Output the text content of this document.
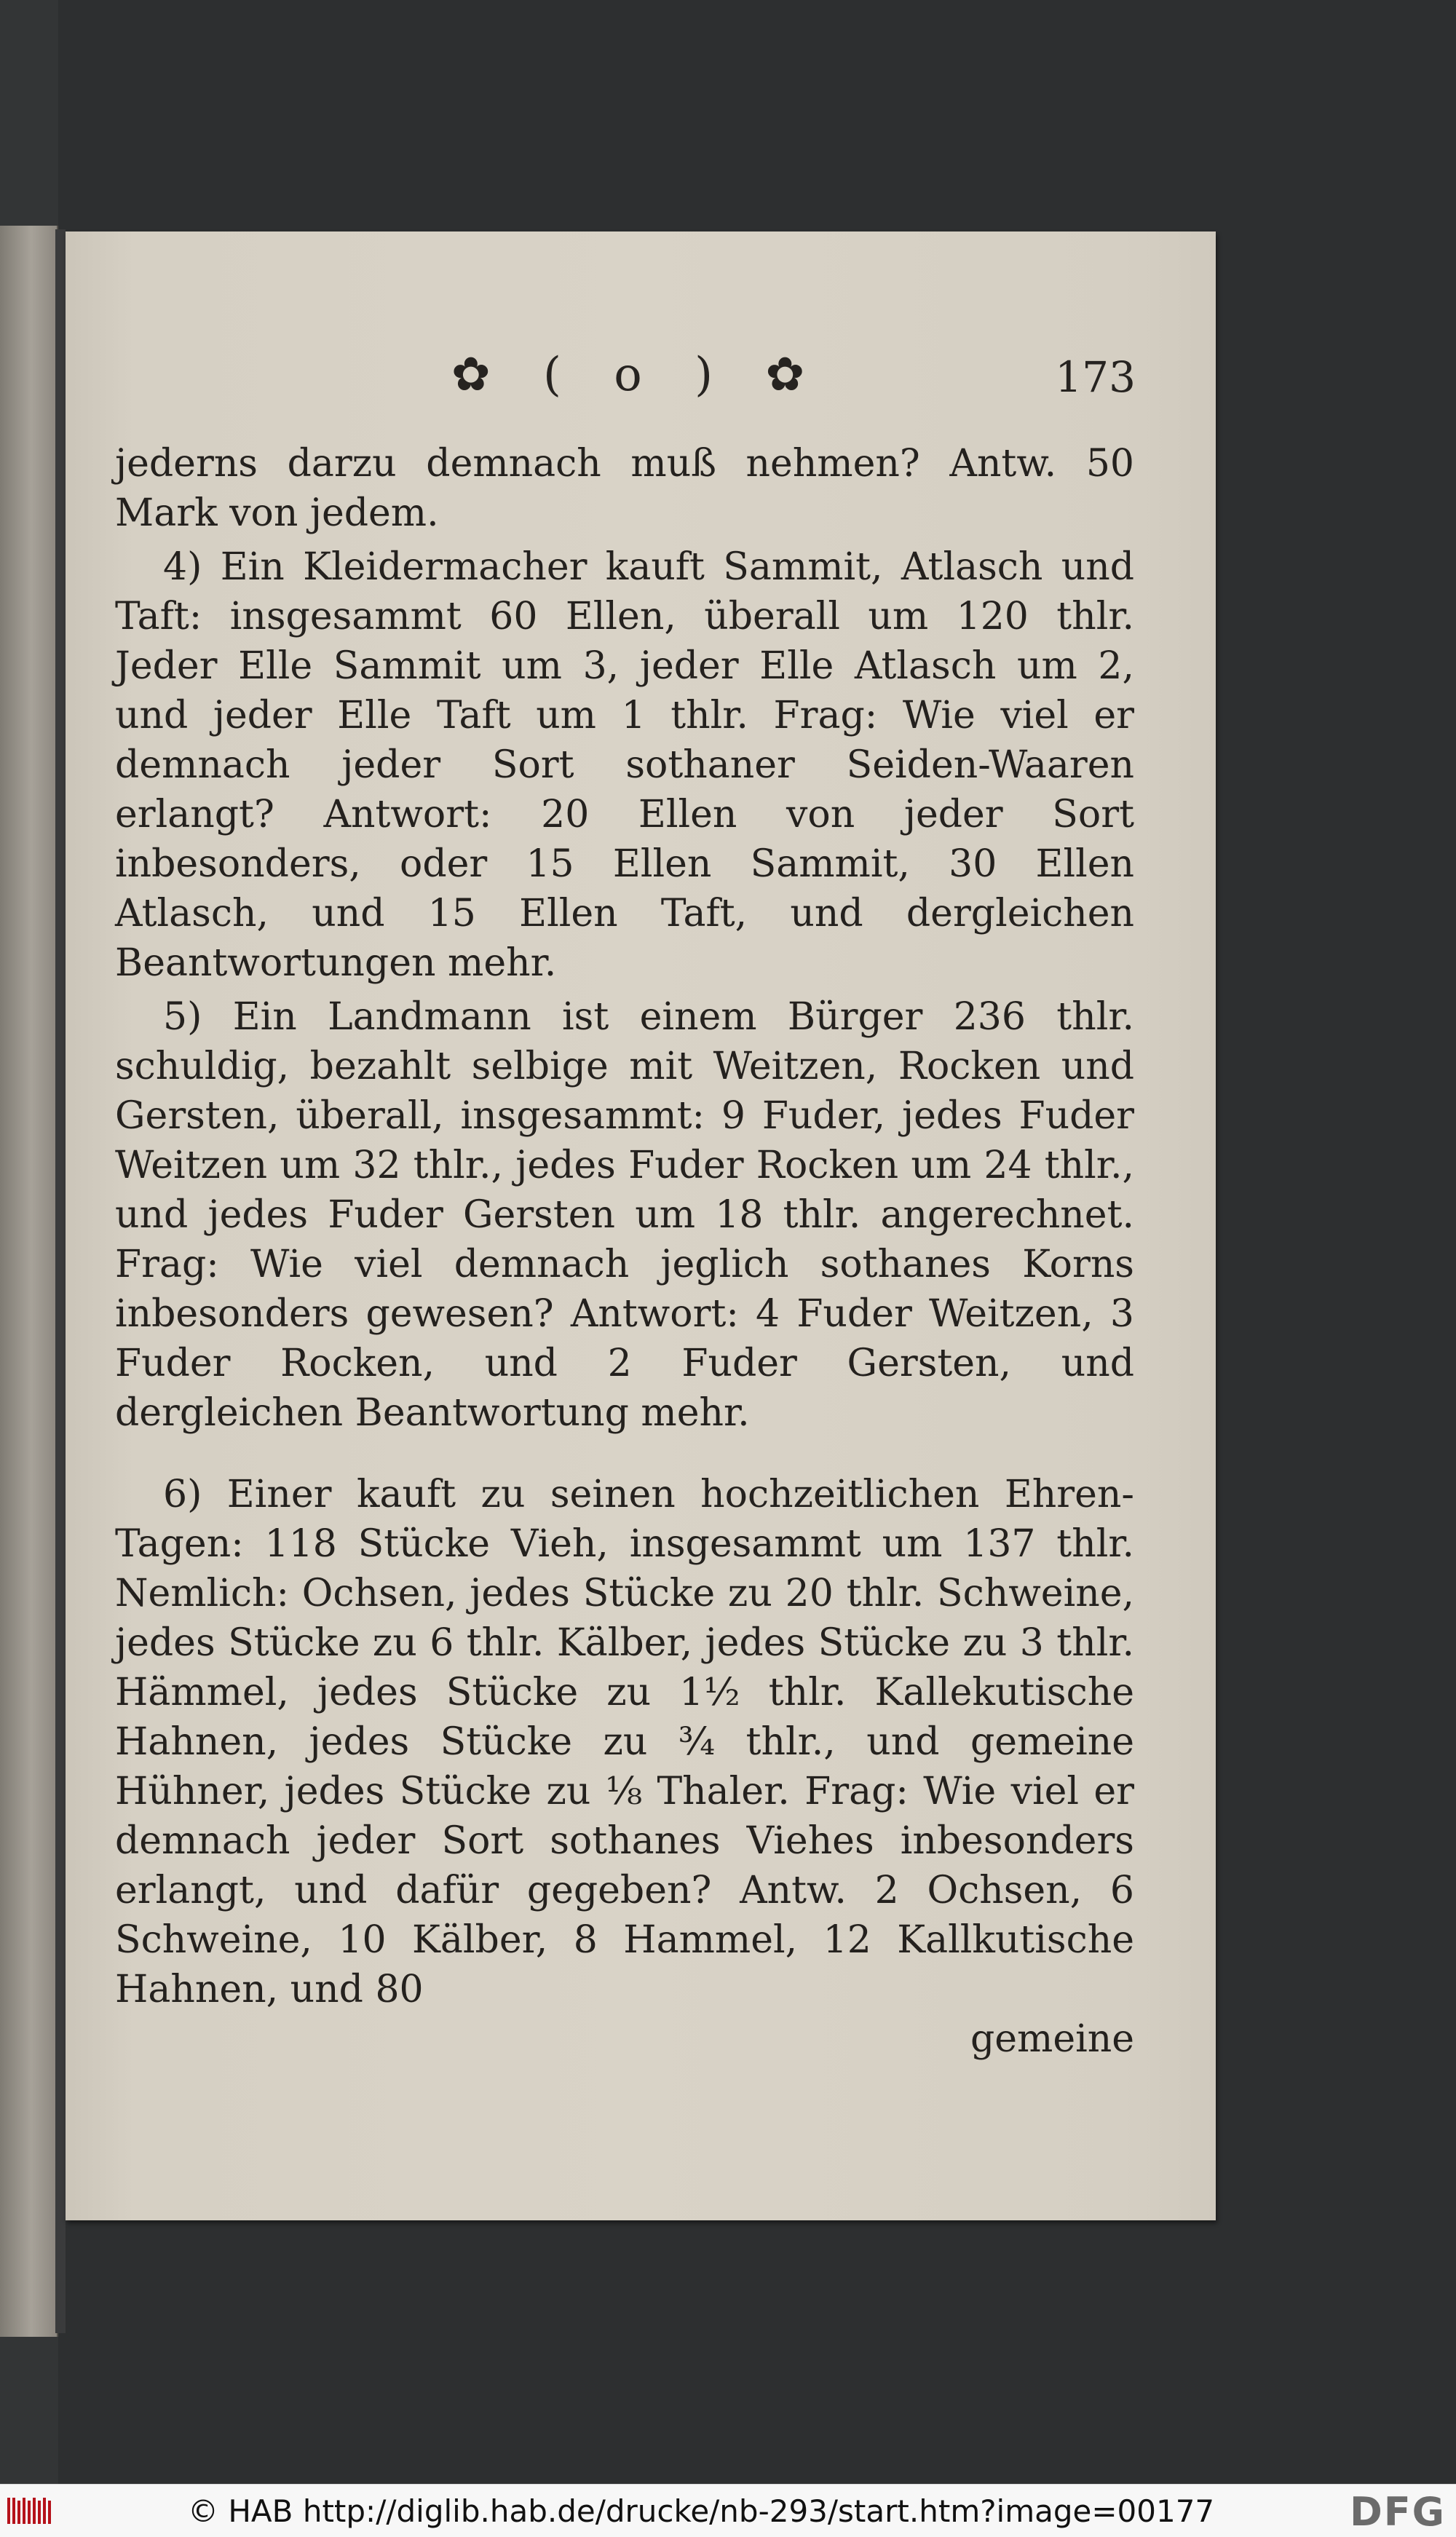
✿ ( o ) ✿	173

jederns darzu demnach muß nehmen? Antw. 50 Mark von jedem.

4) Ein Kleidermacher kauft Sammit, Atlasch und Taft: insgesammt 60 Ellen, überall um 120 thlr. Jeder Elle Sammit um 3, jeder Elle Atlasch um 2, und jeder Elle Taft um 1 thlr. Frag: Wie viel er demnach jeder Sort sothaner Seiden-Waaren erlangt? Antwort: 20 Ellen von jeder Sort inbesonders, oder 15 Ellen Sammit, 30 Ellen Atlasch, und 15 Ellen Taft, und dergleichen Beantwortungen mehr.

5) Ein Landmann ist einem Bürger 236 thlr. schuldig, bezahlt selbige mit Weitzen, Rocken und Gersten, überall, insgesammt: 9 Fuder, jedes Fuder Weitzen um 32 thlr., jedes Fuder Rocken um 24 thlr., und jedes Fuder Gersten um 18 thlr. angerechnet. Frag: Wie viel demnach jeglich sothanes Korns inbesonders gewesen? Antwort: 4 Fuder Weitzen, 3 Fuder Rocken, und 2 Fuder Gersten, und dergleichen Beantwortung mehr.

6) Einer kauft zu seinen hochzeitlichen Ehren-Tagen: 118 Stücke Vieh, insgesammt um 137 thlr. Nemlich: Ochsen, jedes Stücke zu 20 thlr. Schweine, jedes Stücke zu 6 thlr. Kälber, jedes Stücke zu 3 thlr. Hämmel, jedes Stücke zu 1½ thlr. Kallekutische Hahnen, jedes Stücke zu ¾ thlr., und gemeine Hühner, jedes Stücke zu ⅛ Thaler. Frag: Wie viel er demnach jeder Sort sothanes Viehes inbesonders erlangt, und dafür gegeben? Antw. 2 Ochsen, 6 Schweine, 10 Kälber, 8 Hammel, 12 Kallkutische Hahnen, und 80

gemeine

© HAB http://diglib.hab.de/drucke/nb-293/start.htm?image=00177	DFG
